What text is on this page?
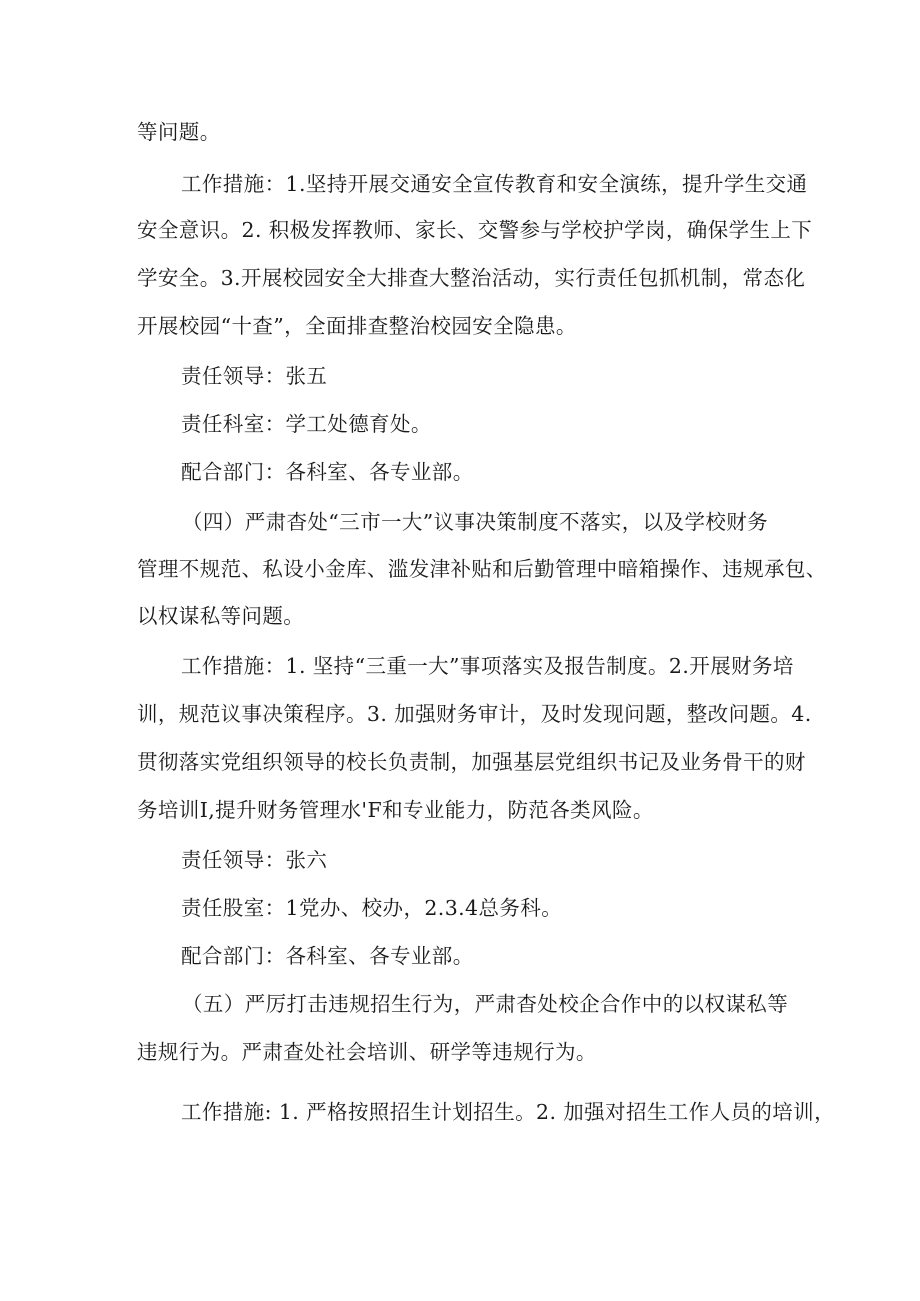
等问题。
工作措施：1.坚持开展交通安全宣传教育和安全演练，提升学生交通
安全意识。2. 积极发挥教师、家长、交警参与学校护学岗，确保学生上下
学安全。3.开展校园安全大排查大整治活动，实行责任包抓机制，常态化
开展校园“十查”，全面排查整治校园安全隐患。
责任领导：张五
责任科室：学工处德育处。
配合部门：各科室、各专业部。
（四）严肃杳处“三市一大”议事决策制度不落实，以及学校财务
管理不规范、私设小金库、滥发津补贴和后勤管理中暗箱操作、违规承包、
以权谋私等问题。
工作措施：1. 坚持“三重一大”事项落实及报告制度。2.开展财务培
训，规范议事决策程序。3. 加强财务审计，及时发现问题，整改问题。4.
贯彻落实党组织领导的校长负责制，加强基层党组织书记及业务骨干的财
务培训I,提升财务管理水'F和专业能力，防范各类风险。
责任领导：张六
责任股室：1党办、校办，2.3.4总务科。
配合部门：各科室、各专业部。
（五）严厉打击违规招生行为，严肃杳处校企合作中的以权谋私等
违规行为。严肃查处社会培训、研学等违规行为。
工作措施: 1. 严格按照招生计划招生。2. 加强对招生工作人员的培训，
